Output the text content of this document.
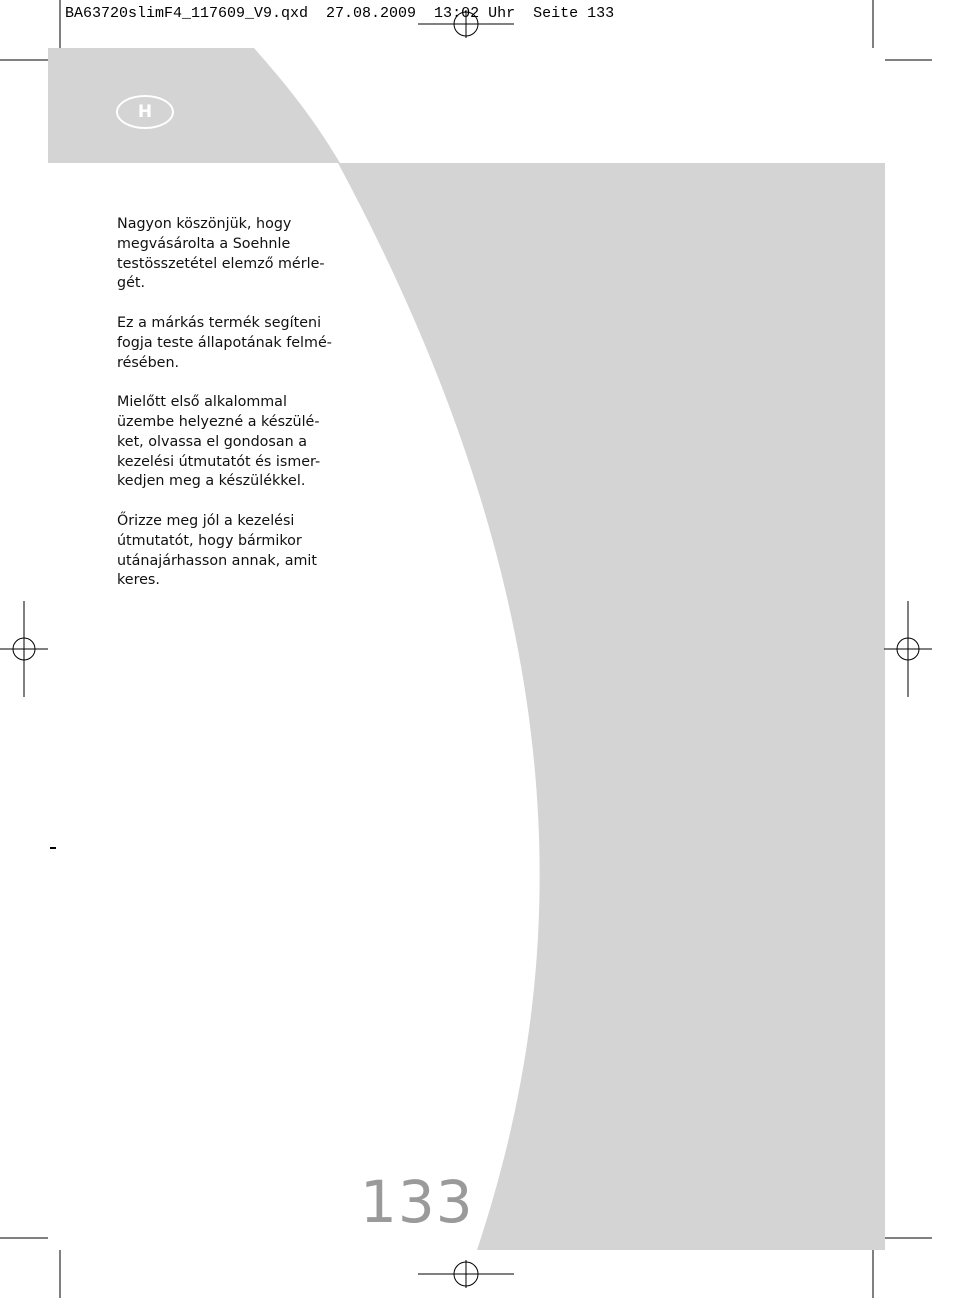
BA63720slimF4_117609_V9.qxd  27.08.2009  13:02 Uhr  Seite 133
H

Nagyon köszönjük, hogy megvásárolta a Soehnle testösszetétel elemző mérle-gét.

Ez a márkás termék segíteni fogja teste állapotának felmé-résében.

Mielőtt első alkalommal üzembe helyezné a készülé-ket, olvassa el gondosan a kezelési útmutatót és ismer-kedjen meg a készülékkel.

Őrizze meg jól a kezelési útmutatót, hogy bármikor utánajárhasson annak, amit keres.

133
